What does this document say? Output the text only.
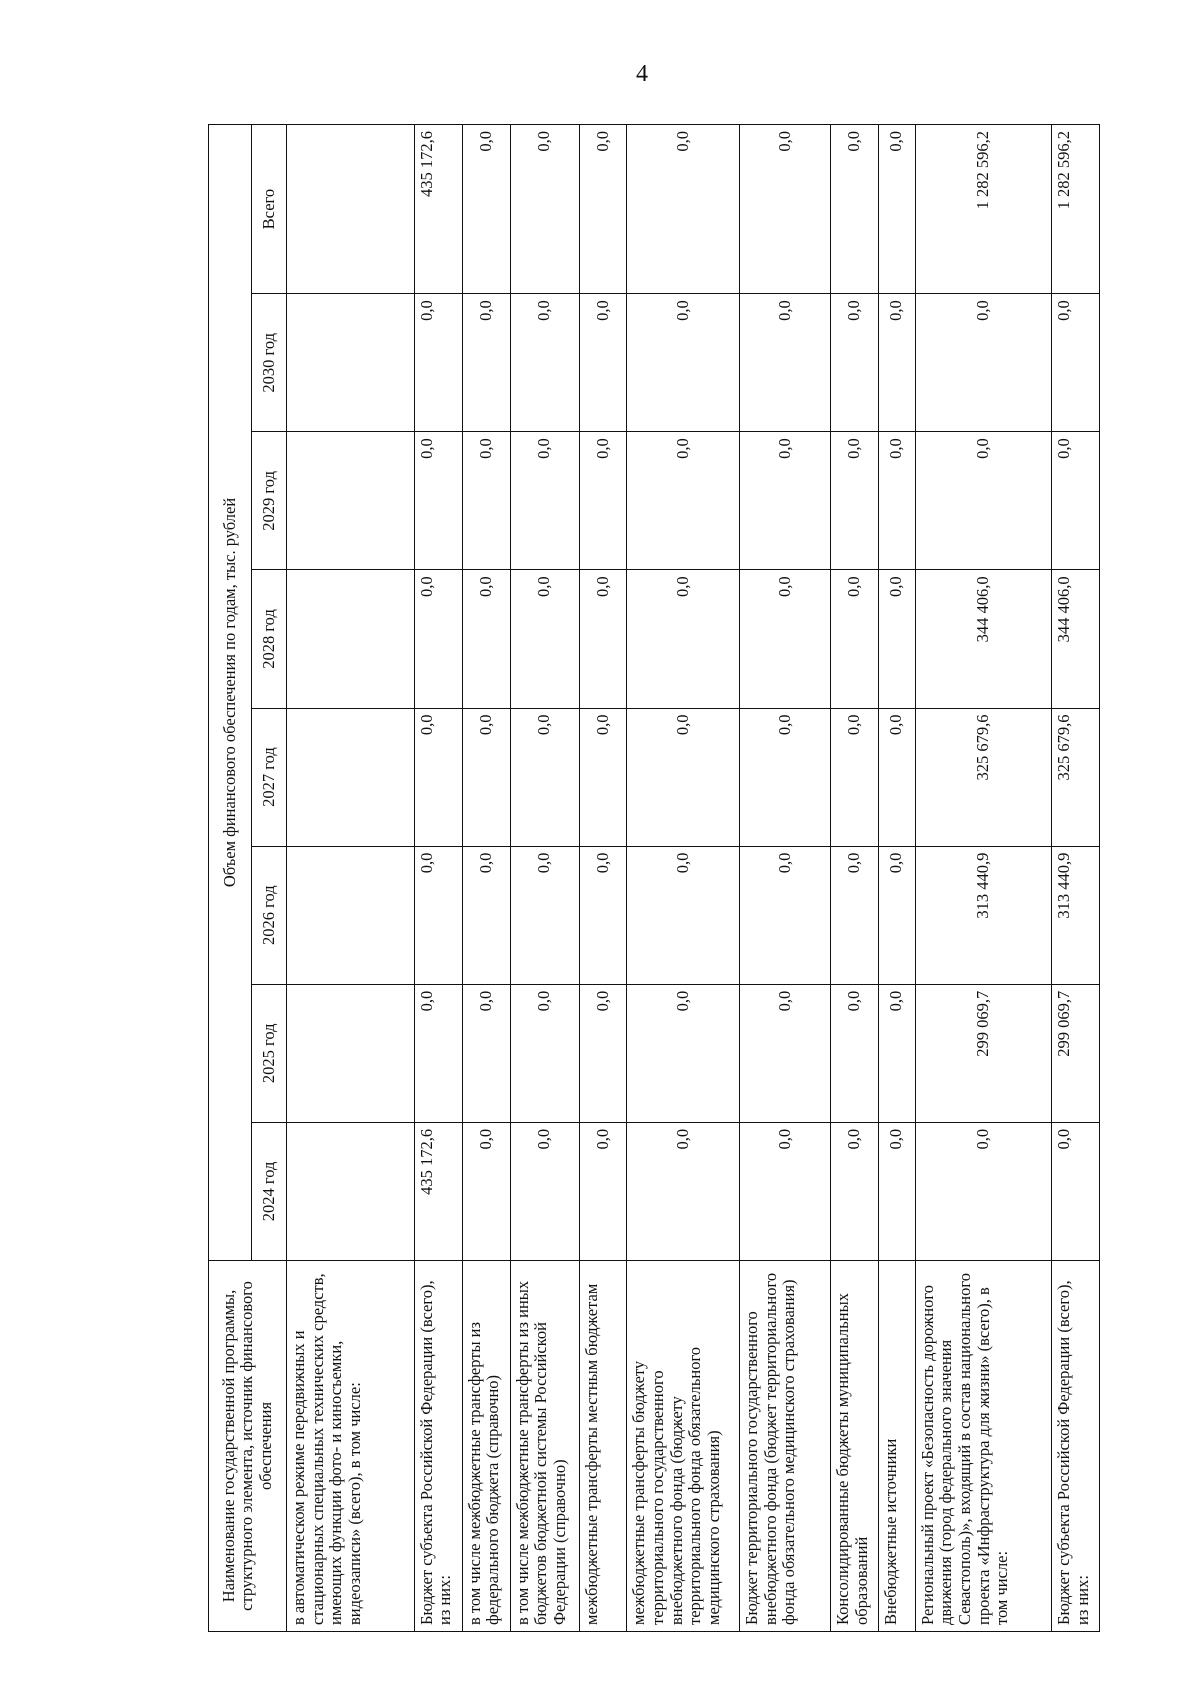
4
Наименование государственной программы, структурного элемента, источник финансового обеспечения	Объем финансового обеспечения по годам, тыс. рублей							
	2024 год	2025 год	2026 год	2027 год	2028 год	2029 год	2030 год	Всего
в автоматическом режиме передвижных и стационарных специальных технических средств, имеющих функции фото- и киносъемки, видеозаписи» (всего), в том числе:								
Бюджет субъекта Российской Федерации (всего), из них:	435 172,6	0,0	0,0	0,0	0,0	0,0	0,0	435 172,6
в том числе межбюджетные трансферты из федерального бюджета (справочно)	0,0	0,0	0,0	0,0	0,0	0,0	0,0	0,0
в том числе межбюджетные трансферты из иных бюджетов бюджетной системы Российской Федерации (справочно)	0,0	0,0	0,0	0,0	0,0	0,0	0,0	0,0
межбюджетные трансферты местным бюджетам	0,0	0,0	0,0	0,0	0,0	0,0	0,0	0,0
межбюджетные трансферты бюджету территориального государственного внебюджетного фонда (бюджету территориального фонда обязательного медицинского страхования)	0,0	0,0	0,0	0,0	0,0	0,0	0,0	0,0
Бюджет территориального государственного внебюджетного фонда (бюджет территориального фонда обязательного медицинского страхования)	0,0	0,0	0,0	0,0	0,0	0,0	0,0	0,0
Консолидированные бюджеты муниципальных образований	0,0	0,0	0,0	0,0	0,0	0,0	0,0	0,0
Внебюджетные источники	0,0	0,0	0,0	0,0	0,0	0,0	0,0	0,0
Региональный проект «Безопасность дорожного движения (город федерального значения Севастополь)», входящий в состав национального проекта «Инфраструктура для жизни» (всего), в том числе:	0,0	299 069,7	313 440,9	325 679,6	344 406,0	0,0	0,0	1 282 596,2
Бюджет субъекта Российской Федерации (всего), из них:	0,0	299 069,7	313 440,9	325 679,6	344 406,0	0,0	0,0	1 282 596,2
